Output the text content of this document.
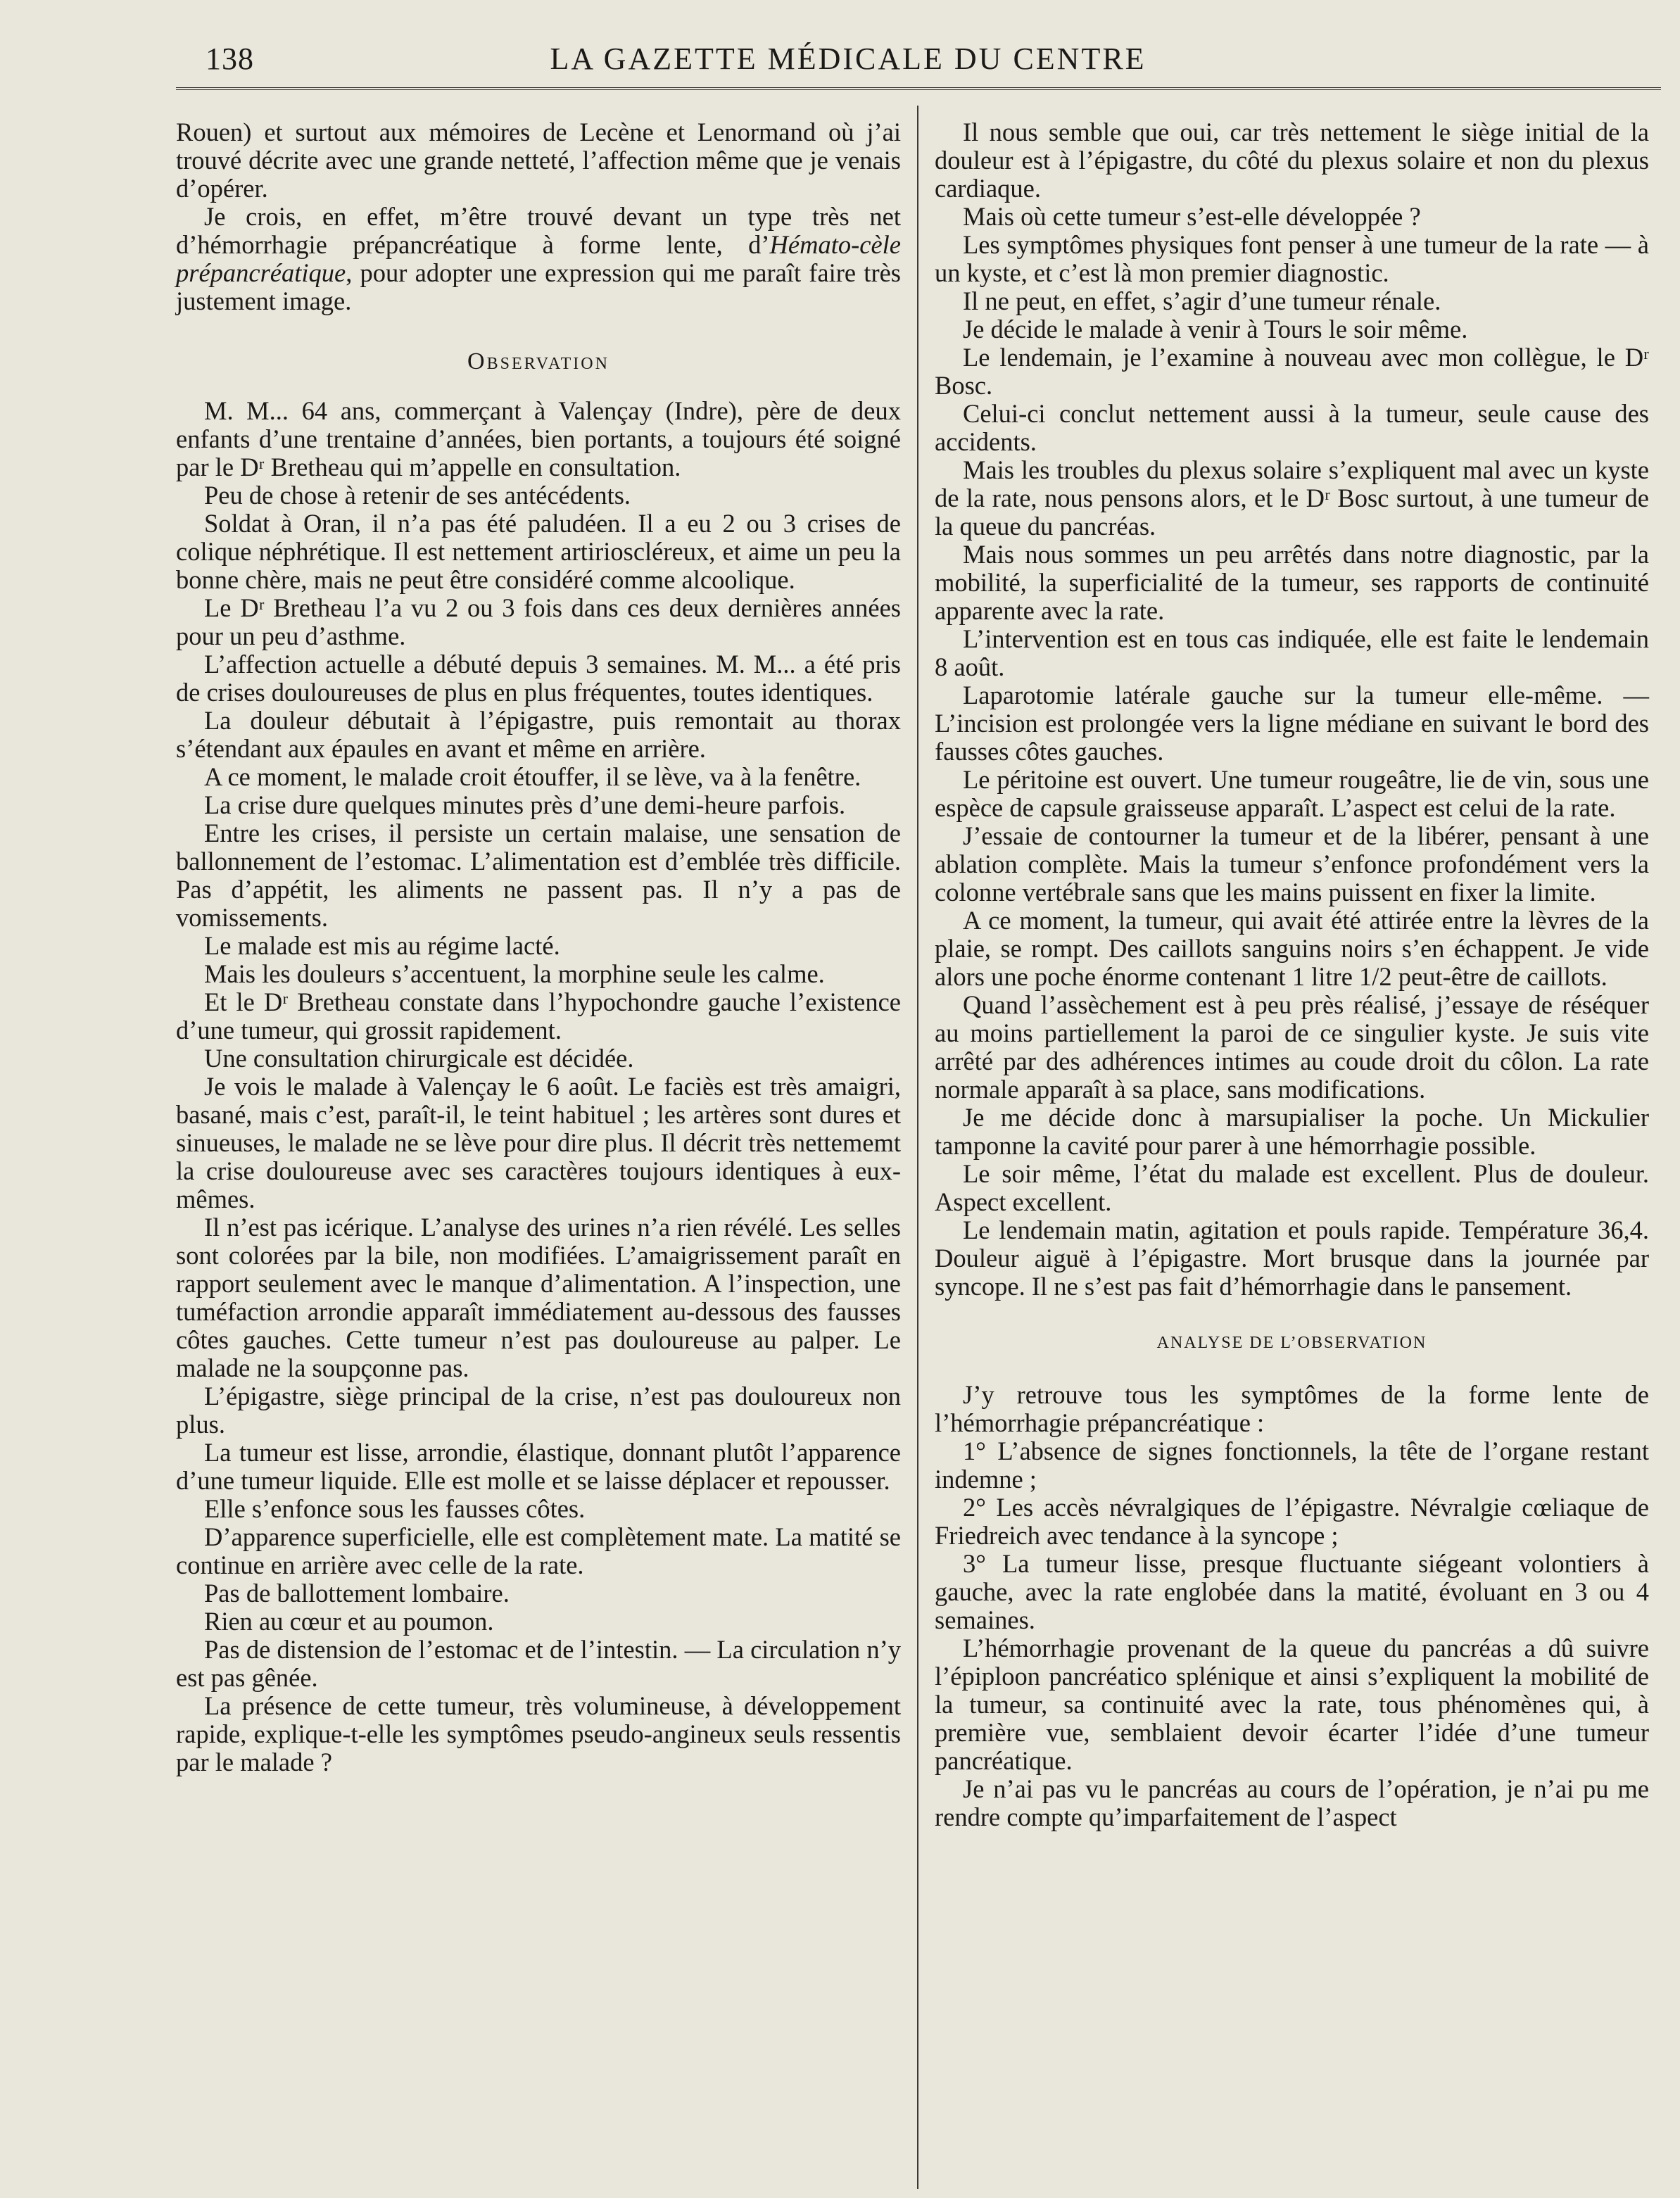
138	LA GAZETTE MÉDICALE DU CENTRE

Rouen) et surtout aux mémoires de Lecène et Lenormand où j’ai trouvé décrite avec une grande netteté, l’affection même que je venais d’opérer.

Je crois, en effet, m’être trouvé devant un type très net d’hémorrhagie prépancréatique à forme lente, d’Hémato-cèle prépancréatique, pour adopter une expression qui me paraît faire très justement image.

Observation

M. M... 64 ans, commerçant à Valençay (Indre), père de deux enfants d’une trentaine d’années, bien portants, a toujours été soigné par le Dʳ Bretheau qui m’appelle en consultation.

Peu de chose à retenir de ses antécédents.

Soldat à Oran, il n’a pas été paludéen. Il a eu 2 ou 3 crises de colique néphrétique. Il est nettement artirioscléreux, et aime un peu la bonne chère, mais ne peut être considéré comme alcoolique.

Le Dʳ Bretheau l’a vu 2 ou 3 fois dans ces deux dernières années pour un peu d’asthme.

L’affection actuelle a débuté depuis 3 semaines. M. M... a été pris de crises douloureuses de plus en plus fréquentes, toutes identiques.

La douleur débutait à l’épigastre, puis remontait au thorax s’étendant aux épaules en avant et même en arrière.

A ce moment, le malade croit étouffer, il se lève, va à la fenêtre.

La crise dure quelques minutes près d’une demi-heure parfois.

Entre les crises, il persiste un certain malaise, une sensation de ballonnement de l’estomac. L’alimentation est d’emblée très difficile. Pas d’appétit, les aliments ne passent pas. Il n’y a pas de vomissements.

Le malade est mis au régime lacté.

Mais les douleurs s’accentuent, la morphine seule les calme.

Et le Dʳ Bretheau constate dans l’hypochondre gauche l’existence d’une tumeur, qui grossit rapidement.

Une consultation chirurgicale est décidée.

Je vois le malade à Valençay le 6 août. Le faciès est très amaigri, basané, mais c’est, paraît-il, le teint habituel ; les artères sont dures et sinueuses, le malade ne se lève pour dire plus. Il décrit très nettememt la crise douloureuse avec ses caractères toujours identiques à eux-mêmes.

Il n’est pas icérique. L’analyse des urines n’a rien révélé. Les selles sont colorées par la bile, non modifiées. L’amaigrissement paraît en rapport seulement avec le manque d’alimentation. A l’inspection, une tuméfaction arrondie apparaît immédiatement au-dessous des fausses côtes gauches. Cette tumeur n’est pas douloureuse au palper. Le malade ne la soupçonne pas.

L’épigastre, siège principal de la crise, n’est pas douloureux non plus.

La tumeur est lisse, arrondie, élastique, donnant plutôt l’apparence d’une tumeur liquide. Elle est molle et se laisse déplacer et repousser.

Elle s’enfonce sous les fausses côtes.

D’apparence superficielle, elle est complètement mate. La matité se continue en arrière avec celle de la rate.

Pas de ballottement lombaire.

Rien au cœur et au poumon.

Pas de distension de l’estomac et de l’intestin. — La circulation n’y est pas gênée.

La présence de cette tumeur, très volumineuse, à développement rapide, explique-t-elle les symptômes pseudo-angineux seuls ressentis par le malade ?

Il nous semble que oui, car très nettement le siège initial de la douleur est à l’épigastre, du côté du plexus solaire et non du plexus cardiaque.

Mais où cette tumeur s’est-elle développée ?

Les symptômes physiques font penser à une tumeur de la rate — à un kyste, et c’est là mon premier diagnostic.

Il ne peut, en effet, s’agir d’une tumeur rénale.

Je décide le malade à venir à Tours le soir même.

Le lendemain, je l’examine à nouveau avec mon collègue, le Dʳ Bosc.

Celui-ci conclut nettement aussi à la tumeur, seule cause des accidents.

Mais les troubles du plexus solaire s’expliquent mal avec un kyste de la rate, nous pensons alors, et le Dʳ Bosc surtout, à une tumeur de la queue du pancréas.

Mais nous sommes un peu arrêtés dans notre diagnostic, par la mobilité, la superficialité de la tumeur, ses rapports de continuité apparente avec la rate.

L’intervention est en tous cas indiquée, elle est faite le lendemain 8 août.

Laparotomie latérale gauche sur la tumeur elle-même. — L’incision est prolongée vers la ligne médiane en suivant le bord des fausses côtes gauches.

Le péritoine est ouvert. Une tumeur rougeâtre, lie de vin, sous une espèce de capsule graisseuse apparaît. L’aspect est celui de la rate.

J’essaie de contourner la tumeur et de la libérer, pensant à une ablation complète. Mais la tumeur s’enfonce profondément vers la colonne vertébrale sans que les mains puissent en fixer la limite.

A ce moment, la tumeur, qui avait été attirée entre la lèvres de la plaie, se rompt. Des caillots sanguins noirs s’en échappent. Je vide alors une poche énorme contenant 1 litre 1/2 peut-être de caillots.

Quand l’assèchement est à peu près réalisé, j’essaye de réséquer au moins partiellement la paroi de ce singulier kyste. Je suis vite arrêté par des adhérences intimes au coude droit du côlon. La rate normale apparaît à sa place, sans modifications.

Je me décide donc à marsupialiser la poche. Un Mickulier tamponne la cavité pour parer à une hémorrhagie possible.

Le soir même, l’état du malade est excellent. Plus de douleur. Aspect excellent.

Le lendemain matin, agitation et pouls rapide. Température 36,4. Douleur aiguë à l’épigastre. Mort brusque dans la journée par syncope. Il ne s’est pas fait d’hémorrhagie dans le pansement.

ANALYSE DE L’OBSERVATION

J’y retrouve tous les symptômes de la forme lente de l’hémorrhagie prépancréatique :

1° L’absence de signes fonctionnels, la tête de l’organe restant indemne ;

2° Les accès névralgiques de l’épigastre. Névralgie cœliaque de Friedreich avec tendance à la syncope ;

3° La tumeur lisse, presque fluctuante siégeant volontiers à gauche, avec la rate englobée dans la matité, évoluant en 3 ou 4 semaines.

L’hémorrhagie provenant de la queue du pancréas a dû suivre l’épiploon pancréatico splénique et ainsi s’expliquent la mobilité de la tumeur, sa continuité avec la rate, tous phénomènes qui, à première vue, semblaient devoir écarter l’idée d’une tumeur pancréatique.

Je n’ai pas vu le pancréas au cours de l’opération, je n’ai pu me rendre compte qu’imparfaitement de l’aspect
